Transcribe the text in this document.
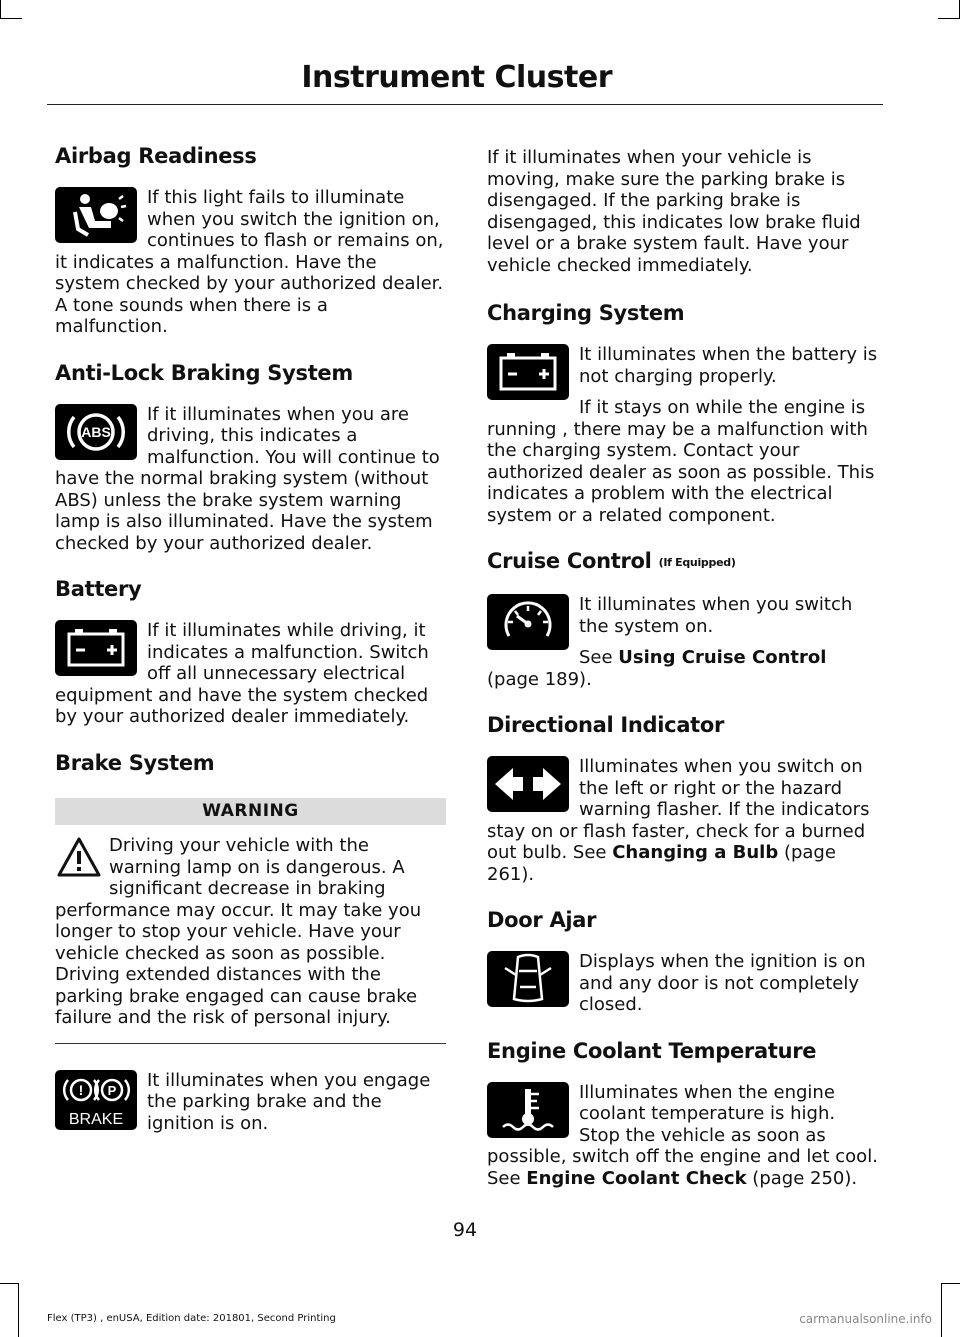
Instrument Cluster
Airbag Readiness

If this light fails to illuminate when you switch the ignition on, continues to flash or remains on, it indicates a malfunction. Have the system checked by your authorized dealer. A tone sounds when there is a malfunction.

Anti-Lock Braking System
ABS

If it illuminates when you are driving, this indicates a malfunction. You will continue to have the normal braking system (without ABS) unless the brake system warning lamp is also illuminated. Have the system checked by your authorized dealer.

Battery

If it illuminates while driving, it indicates a malfunction. Switch off all unnecessary electrical equipment and have the system checked by your authorized dealer immediately.

Brake System
WARNING

Driving your vehicle with the warning lamp on is dangerous. A significant decrease in braking performance may occur. It may take you longer to stop your vehicle. Have your vehicle checked as soon as possible. Driving extended distances with the parking brake engaged can cause brake failure and the risk of personal injury.

! P
BRAKE

It illuminates when you engage the parking brake and the ignition is on.

If it illuminates when your vehicle is moving, make sure the parking brake is disengaged. If the parking brake is disengaged, this indicates low brake fluid level or a brake system fault. Have your vehicle checked immediately.

Charging System

It illuminates when the battery is not charging properly.

If it stays on while the engine is running , there may be a malfunction with the charging system. Contact your authorized dealer as soon as possible. This indicates a problem with the electrical system or a related component.

Cruise Control (If Equipped)

It illuminates when you switch the system on.

See Using Cruise Control
(page 189).

Directional Indicator

Illuminates when you switch on the left or right or the hazard warning flasher. If the indicators stay on or flash faster, check for a burned out bulb. See Changing a Bulb (page 261).

Door Ajar

Displays when the ignition is on and any door is not completely closed.

Engine Coolant Temperature

Illuminates when the engine coolant temperature is high. Stop the vehicle as soon as possible, switch off the engine and let cool. See Engine Coolant Check (page 250).

94
Flex (TP3) , enUSA, Edition date: 201801, Second Printing	carmanualsonline.info
